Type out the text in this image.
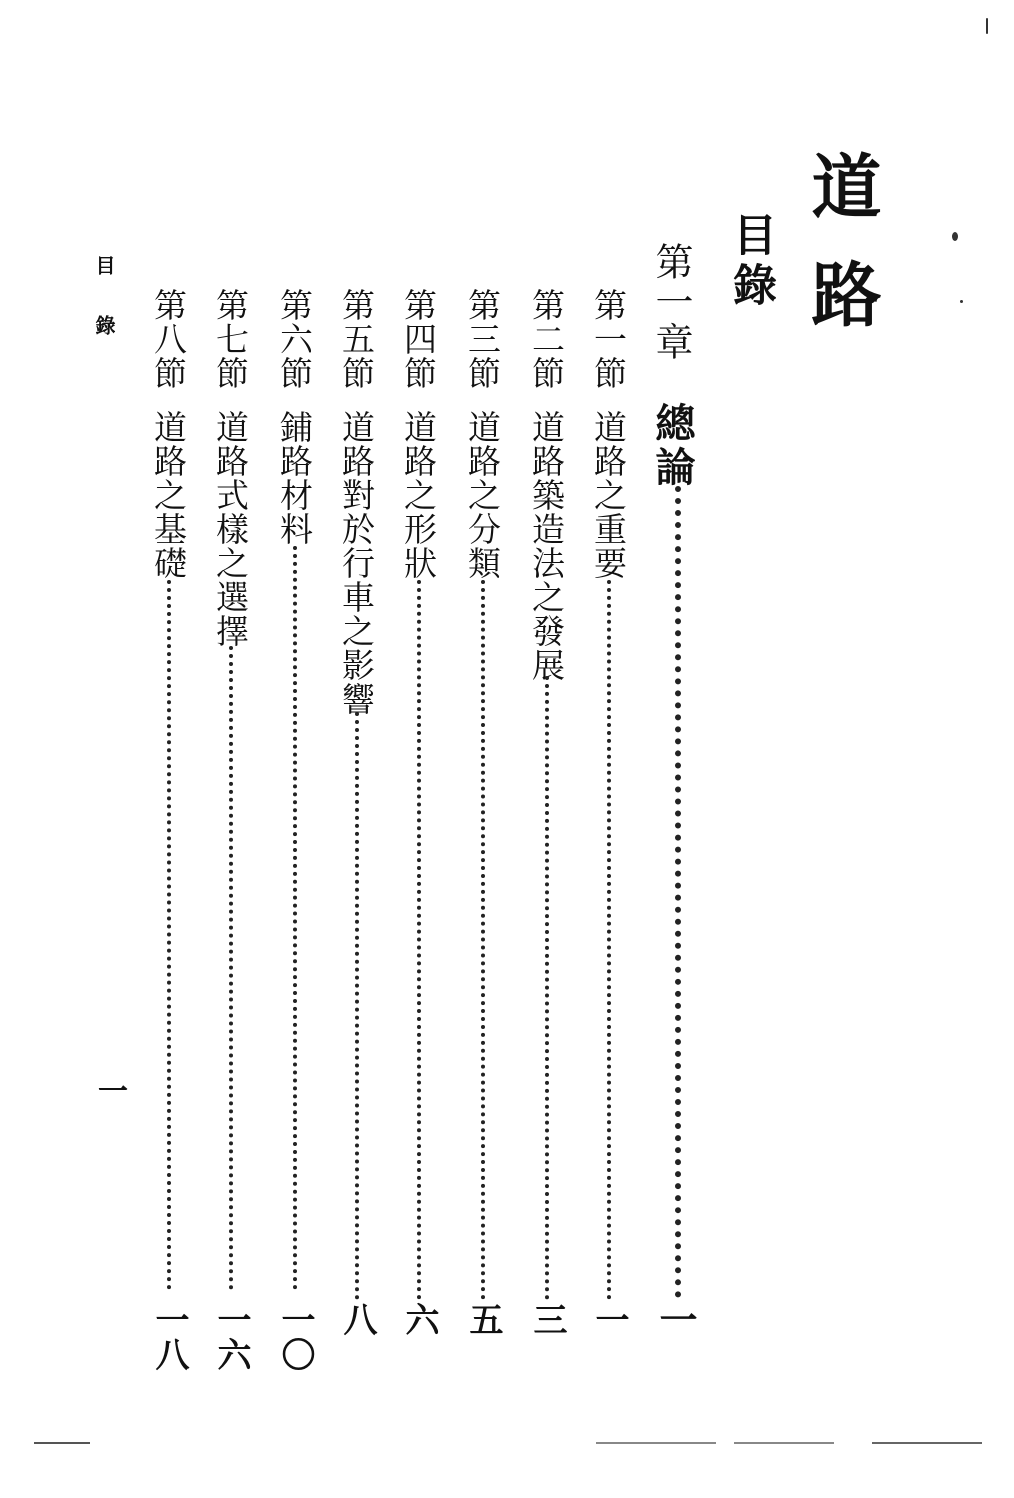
道路
目錄
第一章
總論
一
第一節
道路之重要
一
第二節
道路築造法之發展
三
第三節
道路之分類
五
第四節
道路之形狀
六
第五節
道路對於行車之影響
八
第六節
鋪路材料
一〇
第七節
道路式樣之選擇
一六
第八節
道路之基礎
一八
目錄
一
